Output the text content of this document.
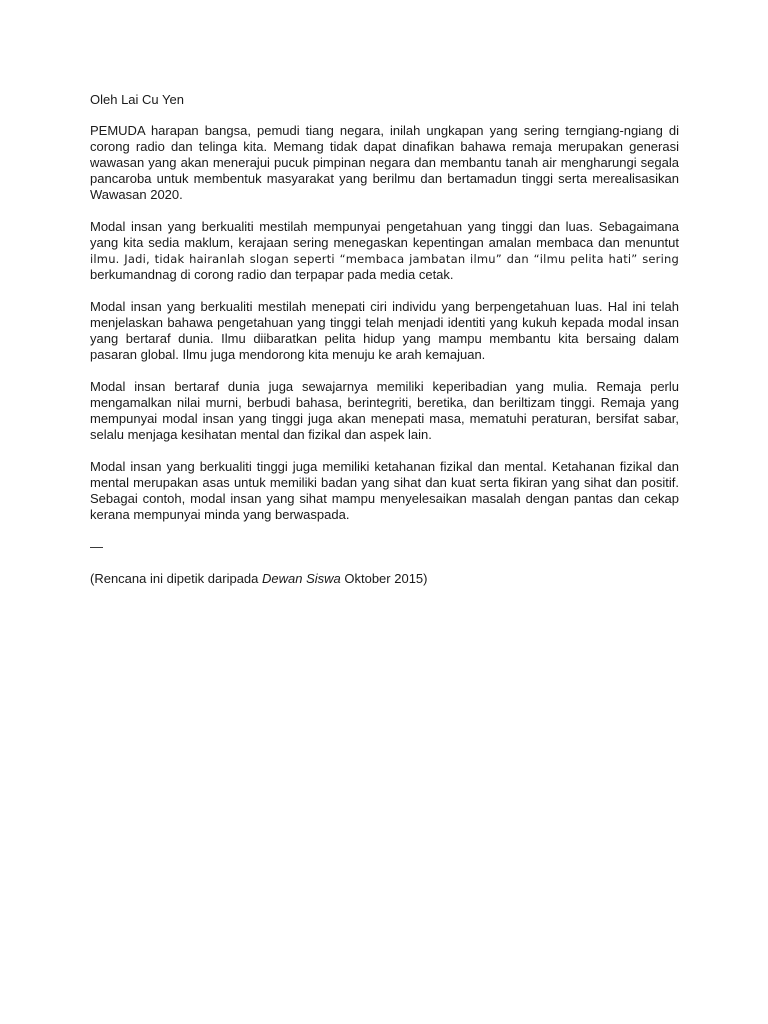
Oleh Lai Cu Yen

PEMUDA harapan bangsa, pemudi tiang negara, inilah ungkapan yang sering terngiang-ngiang di corong radio dan telinga kita. Memang tidak dapat dinafikan bahawa remaja merupakan generasi wawasan yang akan menerajui pucuk pimpinan negara dan membantu tanah air mengharungi segala pancaroba untuk membentuk masyarakat yang berilmu dan bertamadun tinggi serta merealisasikan Wawasan 2020.

Modal insan yang berkualiti mestilah mempunyai pengetahuan yang tinggi dan luas. Sebagaimana yang kita sedia maklum, kerajaan sering menegaskan kepentingan amalan membaca dan menuntut ilmu. Jadi, tidak hairanlah slogan seperti “membaca jambatan ilmu” dan “ilmu pelita hati” sering berkumandnag di corong radio dan terpapar pada media cetak.

Modal insan yang berkualiti mestilah menepati ciri individu yang berpengetahuan luas. Hal ini telah menjelaskan bahawa pengetahuan yang tinggi telah menjadi identiti yang kukuh kepada modal insan yang bertaraf dunia. Ilmu diibaratkan pelita hidup yang mampu membantu kita bersaing dalam pasaran global. Ilmu juga mendorong kita menuju ke arah kemajuan.

Modal insan bertaraf dunia juga sewajarnya memiliki keperibadian yang mulia. Remaja perlu mengamalkan nilai murni, berbudi bahasa, berintegriti, beretika, dan beriltizam tinggi. Remaja yang mempunyai modal insan yang tinggi juga akan menepati masa, mematuhi peraturan, bersifat sabar, selalu menjaga kesihatan mental dan fizikal dan aspek lain.

Modal insan yang berkualiti tinggi juga memiliki ketahanan fizikal dan mental. Ketahanan fizikal dan mental merupakan asas untuk memiliki badan yang sihat dan kuat serta fikiran yang sihat dan positif. Sebagai contoh, modal insan yang sihat mampu menyelesaikan masalah dengan pantas dan cekap kerana mempunyai minda yang berwaspada.

—

(Rencana ini dipetik daripada Dewan Siswa Oktober 2015)
